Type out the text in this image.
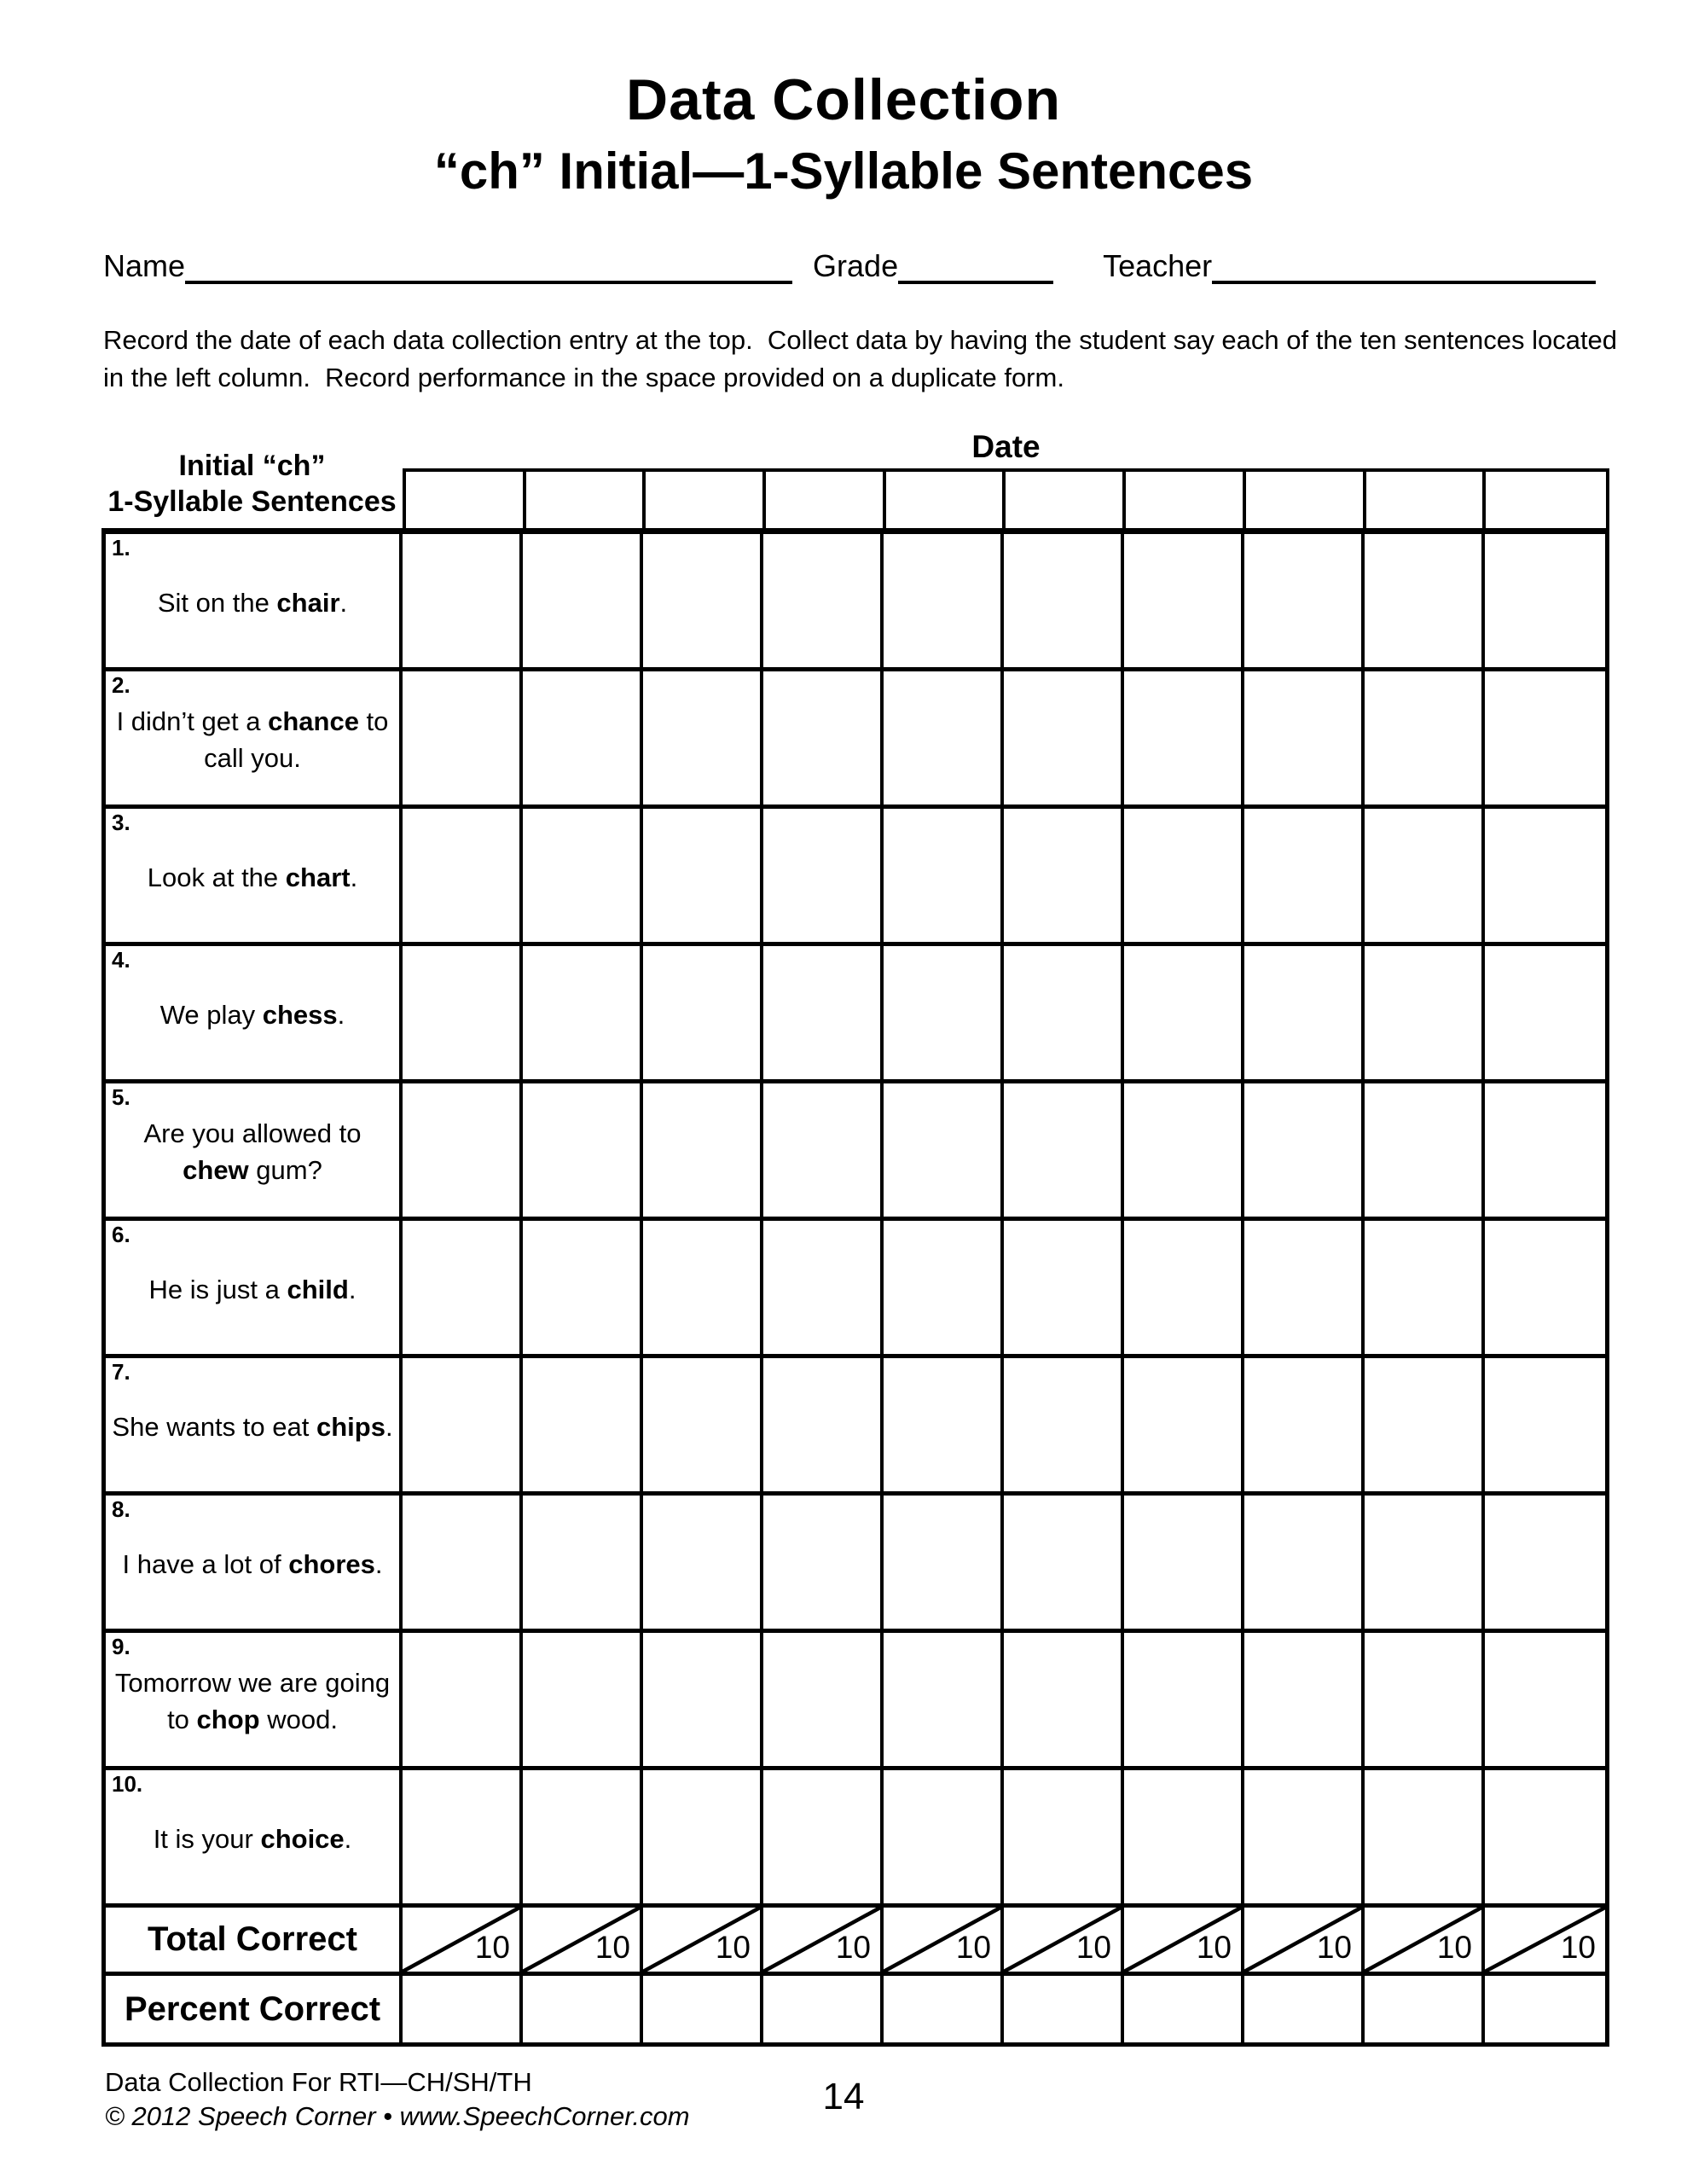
Data Collection
“ch” Initial—1-Syllable Sentences
Name	Grade	Teacher
Record the date of each data collection entry at the top.  Collect data by having the student say each of the ten sentences located in the left column.  Record performance in the space provided on a duplicate form.
Initial “ch”
1-Syllable Sentences
Date
1.
Sit on the chair.
2.
I didn’t get a chance to call you.
3.
Look at the chart.
4.
We play chess.
5.
Are you allowed to chew gum?
6.
He is just a child.
7.
She wants to eat chips.
8.
I have a lot of chores.
9.
Tomorrow we are going to chop wood.
10.
It is your choice.
Total Correct	10	10	10	10	10	10	10	10	10	10
Percent Correct
Data Collection For RTI—CH/SH/TH
© 2012 Speech Corner • www.SpeechCorner.com	14
